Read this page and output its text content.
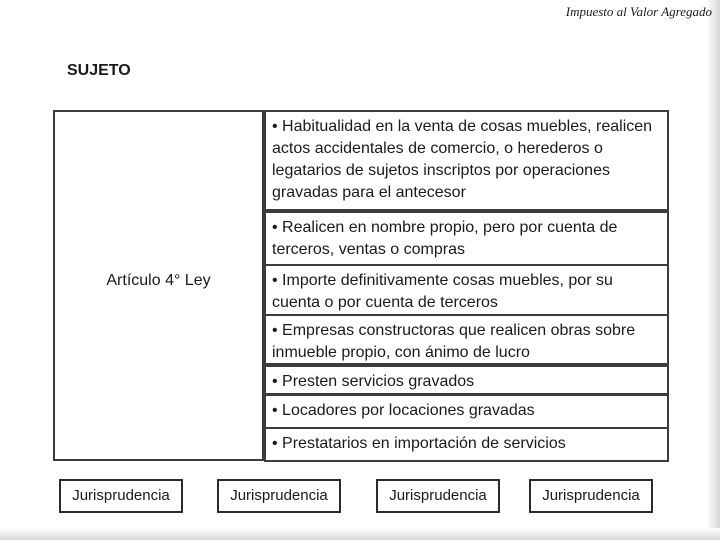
Impuesto al Valor Agregado
SUJETO
Artículo 4° Ley
• Habitualidad en la venta de cosas muebles, realicen actos accidentales de comercio, o herederos o legatarios de sujetos inscriptos por operaciones gravadas para el antecesor
• Realicen en nombre propio, pero por cuenta de terceros, ventas o compras
• Importe definitivamente cosas muebles, por su cuenta o por cuenta de terceros
• Empresas constructoras que realicen obras sobre inmueble propio, con ánimo de lucro
• Presten servicios gravados
• Locadores por locaciones gravadas
• Prestatarios en importación de servicios
Jurisprudencia	Jurisprudencia	Jurisprudencia	Jurisprudencia
